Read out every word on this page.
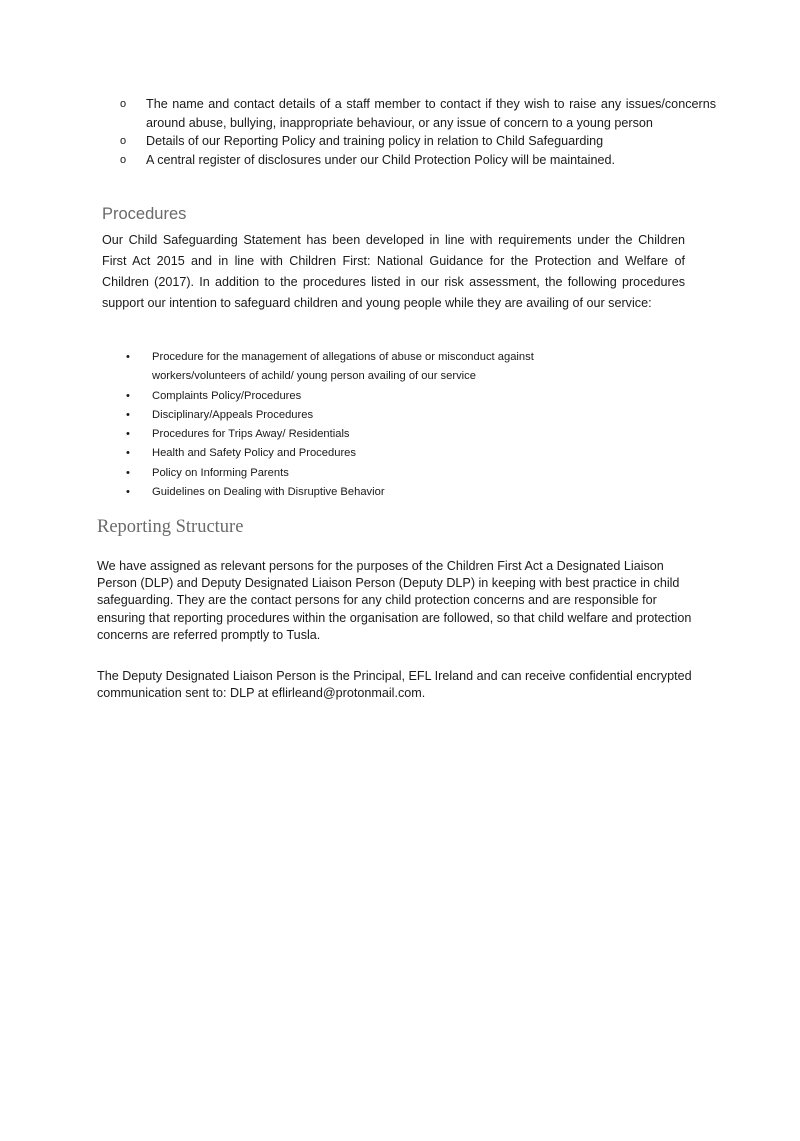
o The name and contact details of a staff member to contact if they wish to raise any issues/concerns around abuse, bullying, inappropriate behaviour, or any issue of concern to a young person
o Details of our Reporting Policy and training policy in relation to Child Safeguarding
o A central register of disclosures under our Child Protection Policy will be maintained.
Procedures

Our Child Safeguarding Statement has been developed in line with requirements under the Children First Act 2015 and in line with Children First: National Guidance for the Protection and Welfare of Children (2017). In addition to the procedures listed in our risk assessment, the following procedures support our intention to safeguard children and young people while they are availing of our service:

• Procedure for the management of allegations of abuse or misconduct against workers/volunteers of achild/ young person availing of our service
• Complaints Policy/Procedures
• Disciplinary/Appeals Procedures
• Procedures for Trips Away/ Residentials
• Health and Safety Policy and Procedures
• Policy on Informing Parents
• Guidelines on Dealing with Disruptive Behavior
Reporting Structure

We have assigned as relevant persons for the purposes of the Children First Act a Designated Liaison Person (DLP) and Deputy Designated Liaison Person (Deputy DLP) in keeping with best practice in child safeguarding. They are the contact persons for any child protection concerns and are responsible for ensuring that reporting procedures within the organisation are followed, so that child welfare and protection concerns are referred promptly to Tusla.

The Deputy Designated Liaison Person is the Principal, EFL Ireland and can receive confidential encrypted communication sent to: DLP at eflirleand@protonmail.com.
